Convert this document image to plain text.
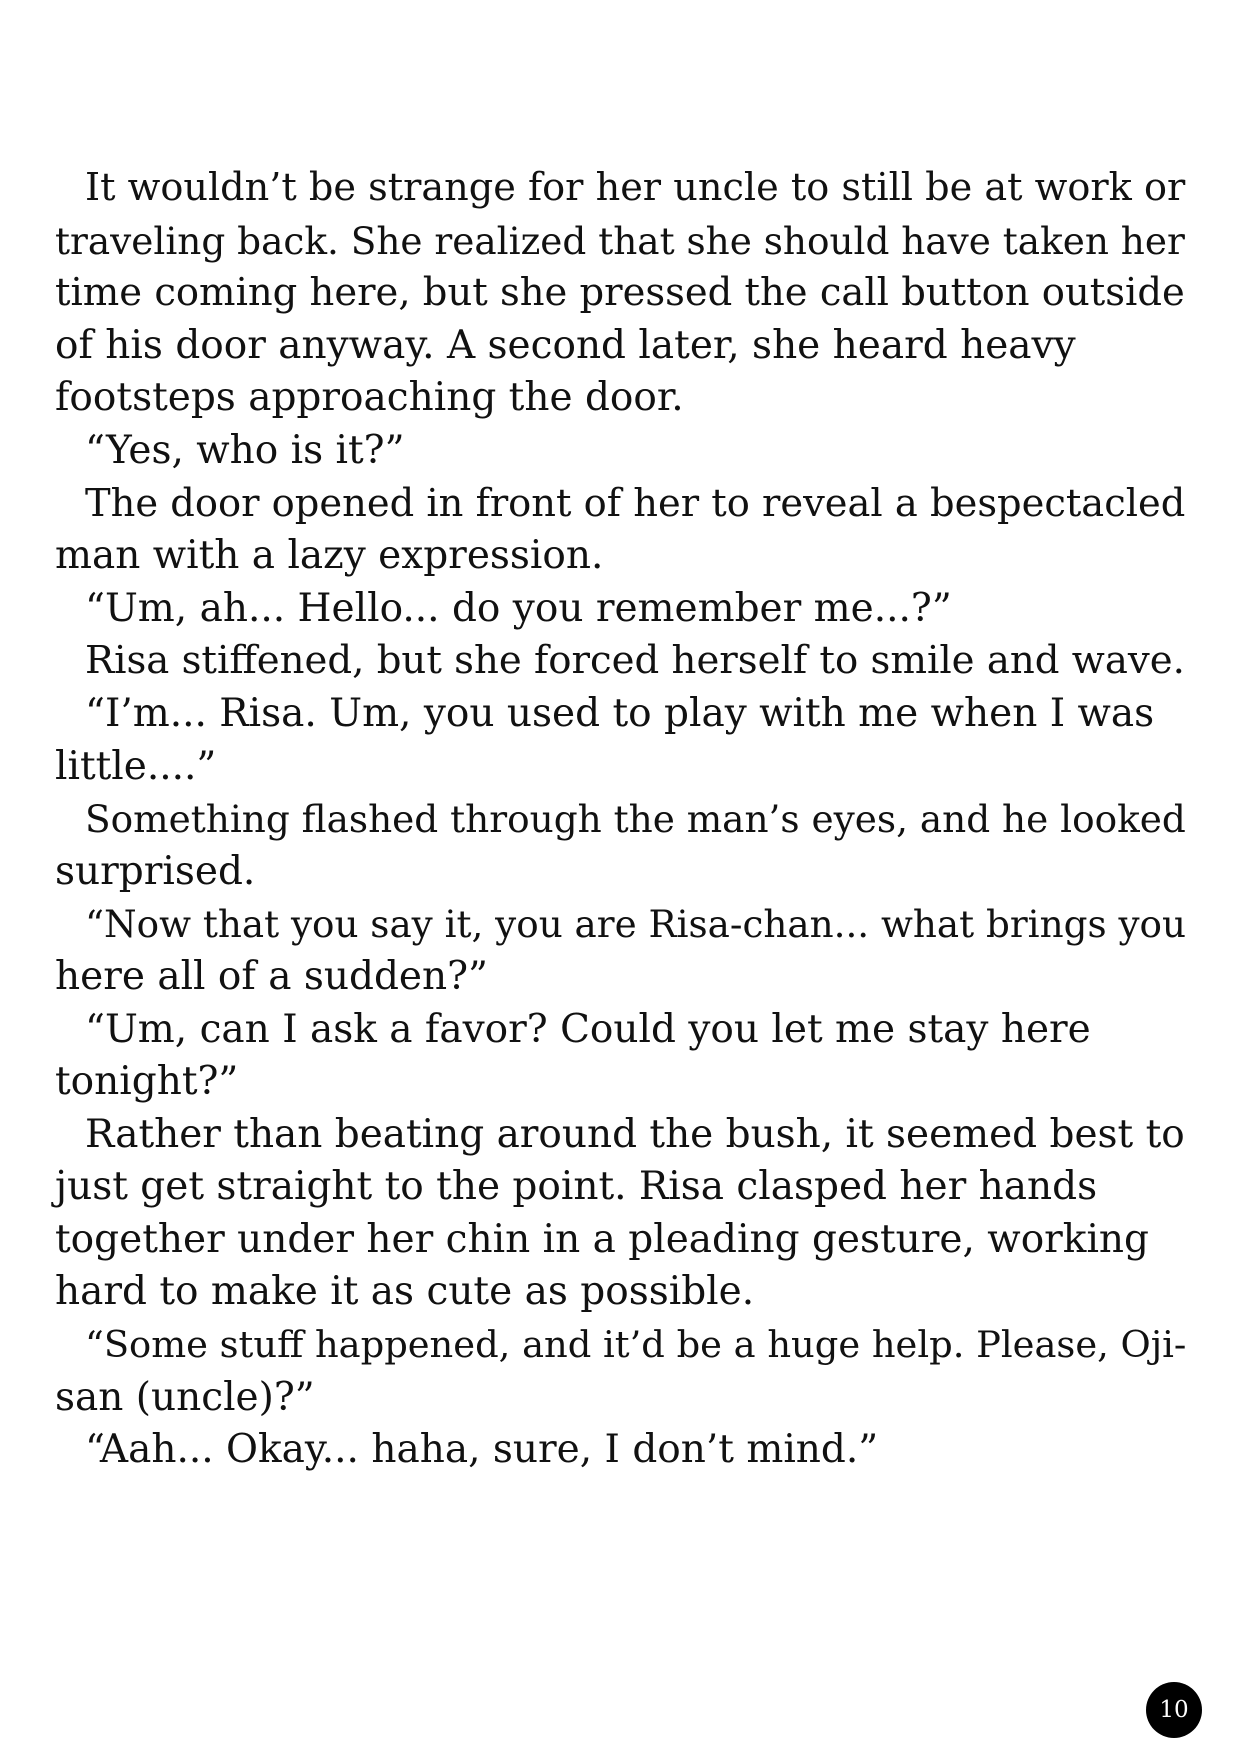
It wouldn’t be strange for her uncle to still be at work or
traveling back. She realized that she should have taken her
time coming here, but she pressed the call button outside
of his door anyway. A second later, she heard heavy
footsteps approaching the door.
“Yes, who is it?”
The door opened in front of her to reveal a bespectacled
man with a lazy expression.
“Um, ah... Hello... do you remember me...?”
Risa stiffened, but she forced herself to smile and wave.
“I’m... Risa. Um, you used to play with me when I was
little....”
Something flashed through the man’s eyes, and he looked
surprised.
“Now that you say it, you are Risa-chan... what brings you
here all of a sudden?”
“Um, can I ask a favor? Could you let me stay here
tonight?”
Rather than beating around the bush, it seemed best to
just get straight to the point. Risa clasped her hands
together under her chin in a pleading gesture, working
hard to make it as cute as possible.
“Some stuff happened, and it’d be a huge help. Please, Oji-
san (uncle)?”
“Aah... Okay... haha, sure, I don’t mind.”
10
